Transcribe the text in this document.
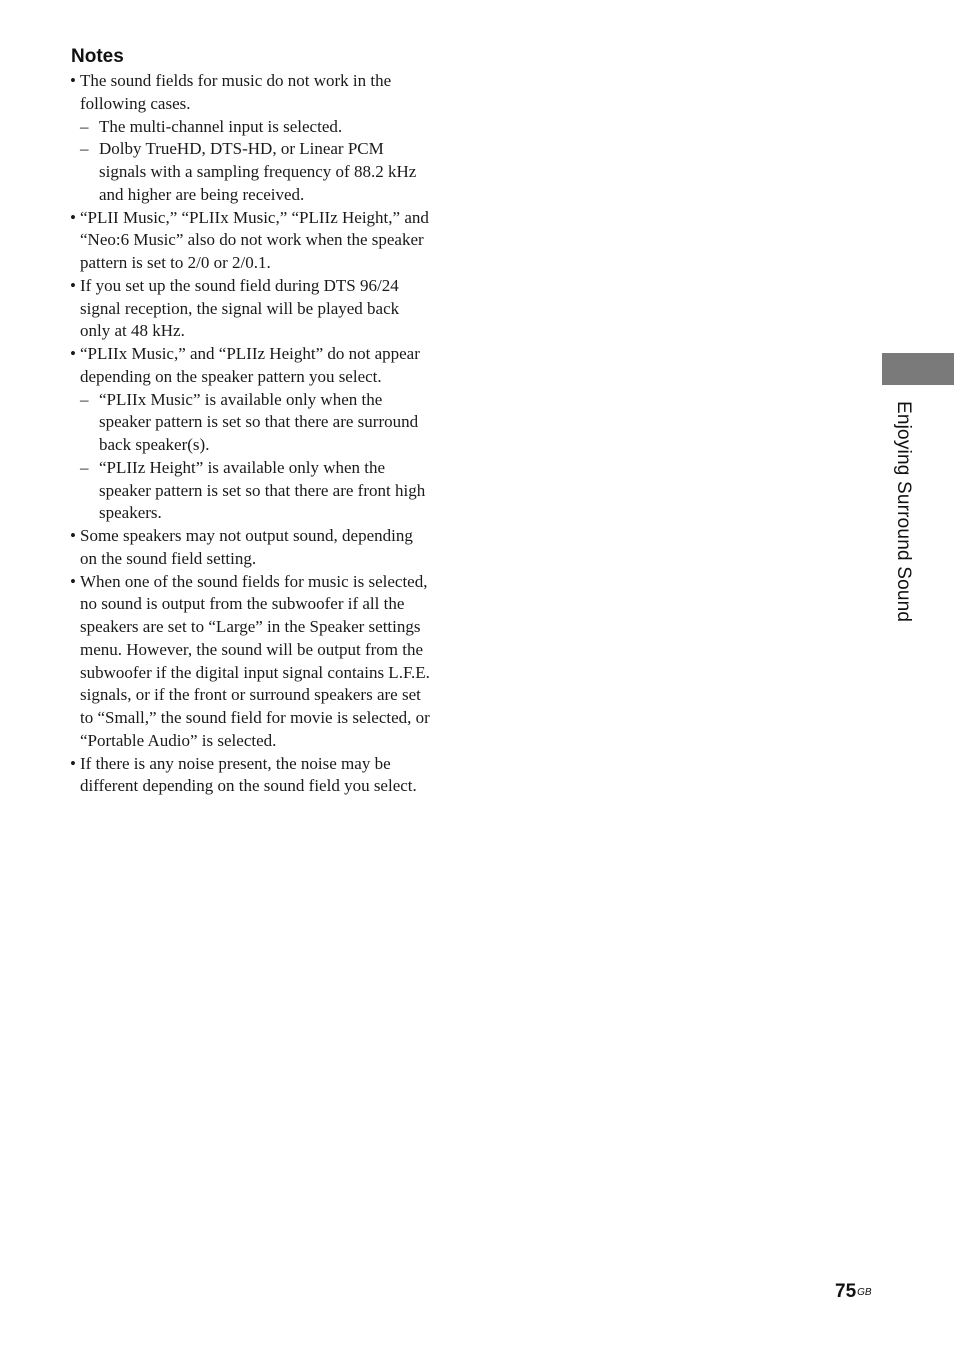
Notes
• The sound fields for music do not work in the
following cases.
– The multi-channel input is selected.
– Dolby TrueHD, DTS-HD, or Linear PCM
signals with a sampling frequency of 88.2 kHz
and higher are being received.
• “PLII Music,” “PLIIx Music,” “PLIIz Height,” and
“Neo:6 Music” also do not work when the speaker
pattern is set to 2/0 or 2/0.1.
• If you set up the sound field during DTS 96/24
signal reception, the signal will be played back
only at 48 kHz.
• “PLIIx Music,” and “PLIIz Height” do not appear
depending on the speaker pattern you select.
– “PLIIx Music” is available only when the
speaker pattern is set so that there are surround
back speaker(s).
– “PLIIz Height” is available only when the
speaker pattern is set so that there are front high
speakers.
• Some speakers may not output sound, depending
on the sound field setting.
• When one of the sound fields for music is selected,
no sound is output from the subwoofer if all the
speakers are set to “Large” in the Speaker settings
menu. However, the sound will be output from the
subwoofer if the digital input signal contains L.F.E.
signals, or if the front or surround speakers are set
to “Small,” the sound field for movie is selected, or
“Portable Audio” is selected.
• If there is any noise present, the noise may be
different depending on the sound field you select.
Enjoying Surround Sound
$75^{GB}$
